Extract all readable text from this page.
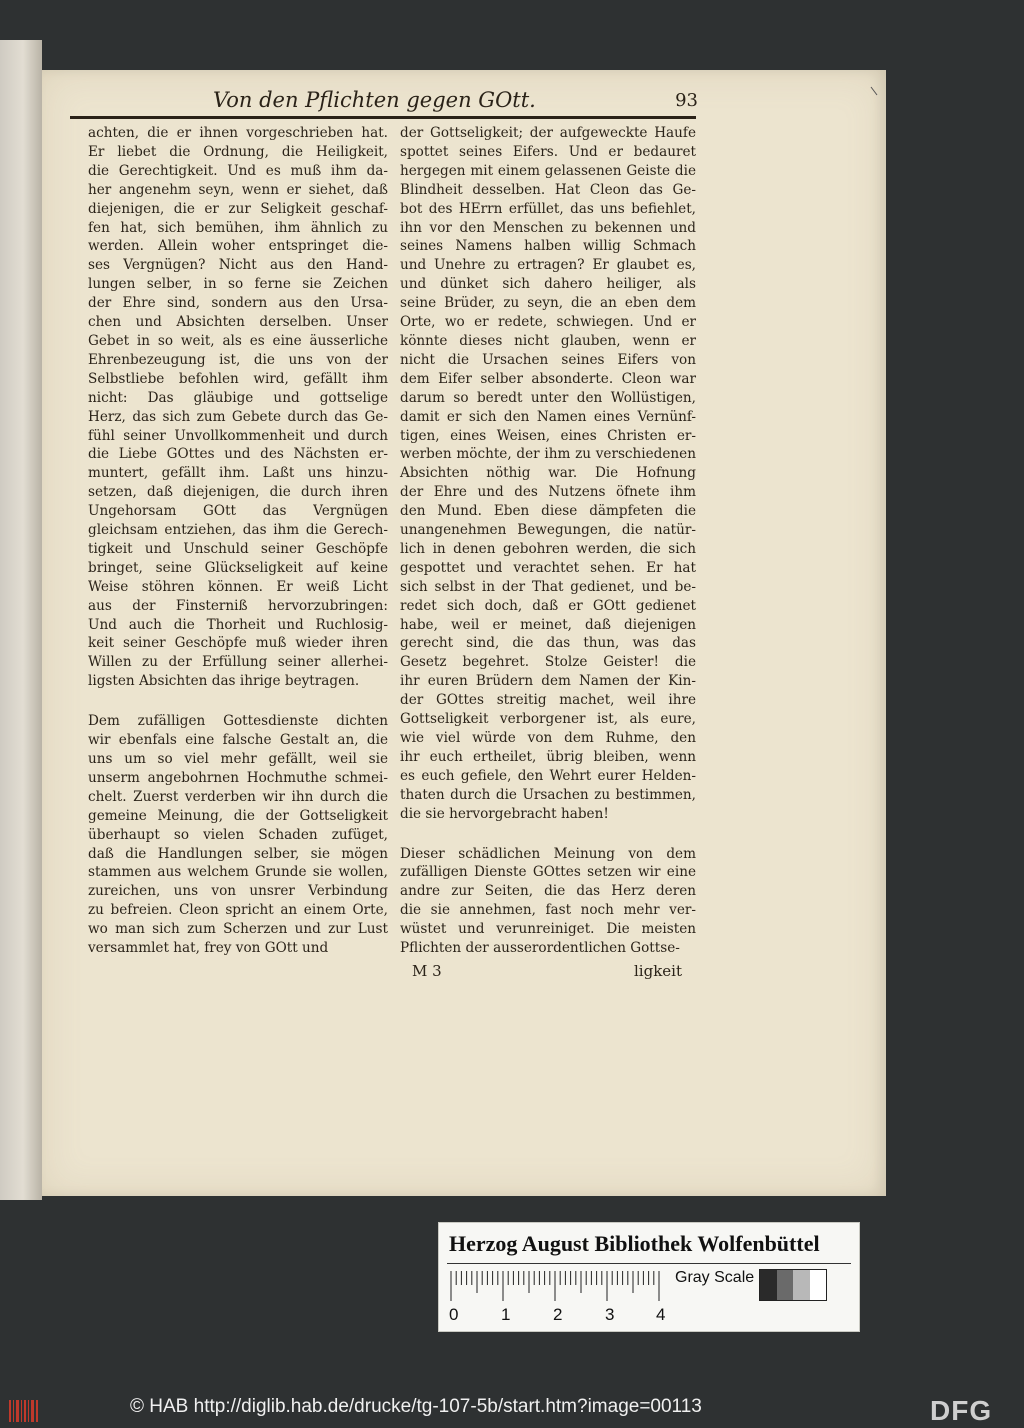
Von den Pflichten gegen GOtt.	93
achten, die er ihnen vorgeschrieben hat.
Er liebet die Ordnung, die Heiligkeit,
die Gerechtigkeit. Und es muß ihm da-
her angenehm seyn, wenn er siehet, daß
diejenigen, die er zur Seligkeit geschaf-
fen hat, sich bemühen, ihm ähnlich zu
werden. Allein woher entspringet die-
ses Vergnügen? Nicht aus den Hand-
lungen selber, in so ferne sie Zeichen
der Ehre sind, sondern aus den Ursa-
chen und Absichten derselben. Unser
Gebet in so weit, als es eine äusserliche
Ehrenbezeugung ist, die uns von der
Selbstliebe befohlen wird, gefällt ihm
nicht: Das gläubige und gottselige
Herz, das sich zum Gebete durch das Ge-
fühl seiner Unvollkommenheit und durch
die Liebe GOttes und des Nächsten er-
muntert, gefällt ihm. Laßt uns hinzu-
setzen, daß diejenigen, die durch ihren
Ungehorsam GOtt das Vergnügen
gleichsam entziehen, das ihm die Gerech-
tigkeit und Unschuld seiner Geschöpfe
bringet, seine Glückseligkeit auf keine
Weise stöhren können. Er weiß Licht
aus der Finsterniß hervorzubringen:
Und auch die Thorheit und Ruchlosig-
keit seiner Geschöpfe muß wieder ihren
Willen zu der Erfüllung seiner allerhei-
ligsten Absichten das ihrige beytragen.
Dem zufälligen Gottesdienste dichten
wir ebenfals eine falsche Gestalt an, die
uns um so viel mehr gefällt, weil sie
unserm angebohrnen Hochmuthe schmei-
chelt. Zuerst verderben wir ihn durch die
gemeine Meinung, die der Gottseligkeit
überhaupt so vielen Schaden zufüget,
daß die Handlungen selber, sie mögen
stammen aus welchem Grunde sie wollen,
zureichen, uns von unsrer Verbindung
zu befreien. Cleon spricht an einem Orte,
wo man sich zum Scherzen und zur Lust
versammlet hat, frey von GOtt und
der Gottseligkeit; der aufgeweckte Haufe
spottet seines Eifers. Und er bedauret
hergegen mit einem gelassenen Geiste die
Blindheit desselben. Hat Cleon das Ge-
bot des HErrn erfüllet, das uns befiehlet,
ihn vor den Menschen zu bekennen und
seines Namens halben willig Schmach
und Unehre zu ertragen? Er glaubet es,
und dünket sich dahero heiliger, als
seine Brüder, zu seyn, die an eben dem
Orte, wo er redete, schwiegen. Und er
könnte dieses nicht glauben, wenn er
nicht die Ursachen seines Eifers von
dem Eifer selber absonderte. Cleon war
darum so beredt unter den Wollüstigen,
damit er sich den Namen eines Vernünf-
tigen, eines Weisen, eines Christen er-
werben möchte, der ihm zu verschiedenen
Absichten nöthig war. Die Hofnung
der Ehre und des Nutzens öfnete ihm
den Mund. Eben diese dämpfeten die
unangenehmen Bewegungen, die natür-
lich in denen gebohren werden, die sich
gespottet und verachtet sehen. Er hat
sich selbst in der That gedienet, und be-
redet sich doch, daß er GOtt gedienet
habe, weil er meinet, daß diejenigen
gerecht sind, die das thun, was das
Gesetz begehret. Stolze Geister! die
ihr euren Brüdern dem Namen der Kin-
der GOttes streitig machet, weil ihre
Gottseligkeit verborgener ist, als eure,
wie viel würde von dem Ruhme, den
ihr euch ertheilet, übrig bleiben, wenn
es euch gefiele, den Wehrt eurer Helden-
thaten durch die Ursachen zu bestimmen,
die sie hervorgebracht haben!
Dieser schädlichen Meinung von dem
zufälligen Dienste GOttes setzen wir eine
andre zur Seiten, die das Herz deren
die sie annehmen, fast noch mehr ver-
wüstet und verunreiniget. Die meisten
Pflichten der ausserordentlichen Gottse-
M 3	ligkeit
Herzog August Bibliothek Wolfenbüttel
0	1	2	3 4
Gray Scale
© HAB http://diglib.hab.de/drucke/tg-107-5b/start.htm?image=00113	DFG
